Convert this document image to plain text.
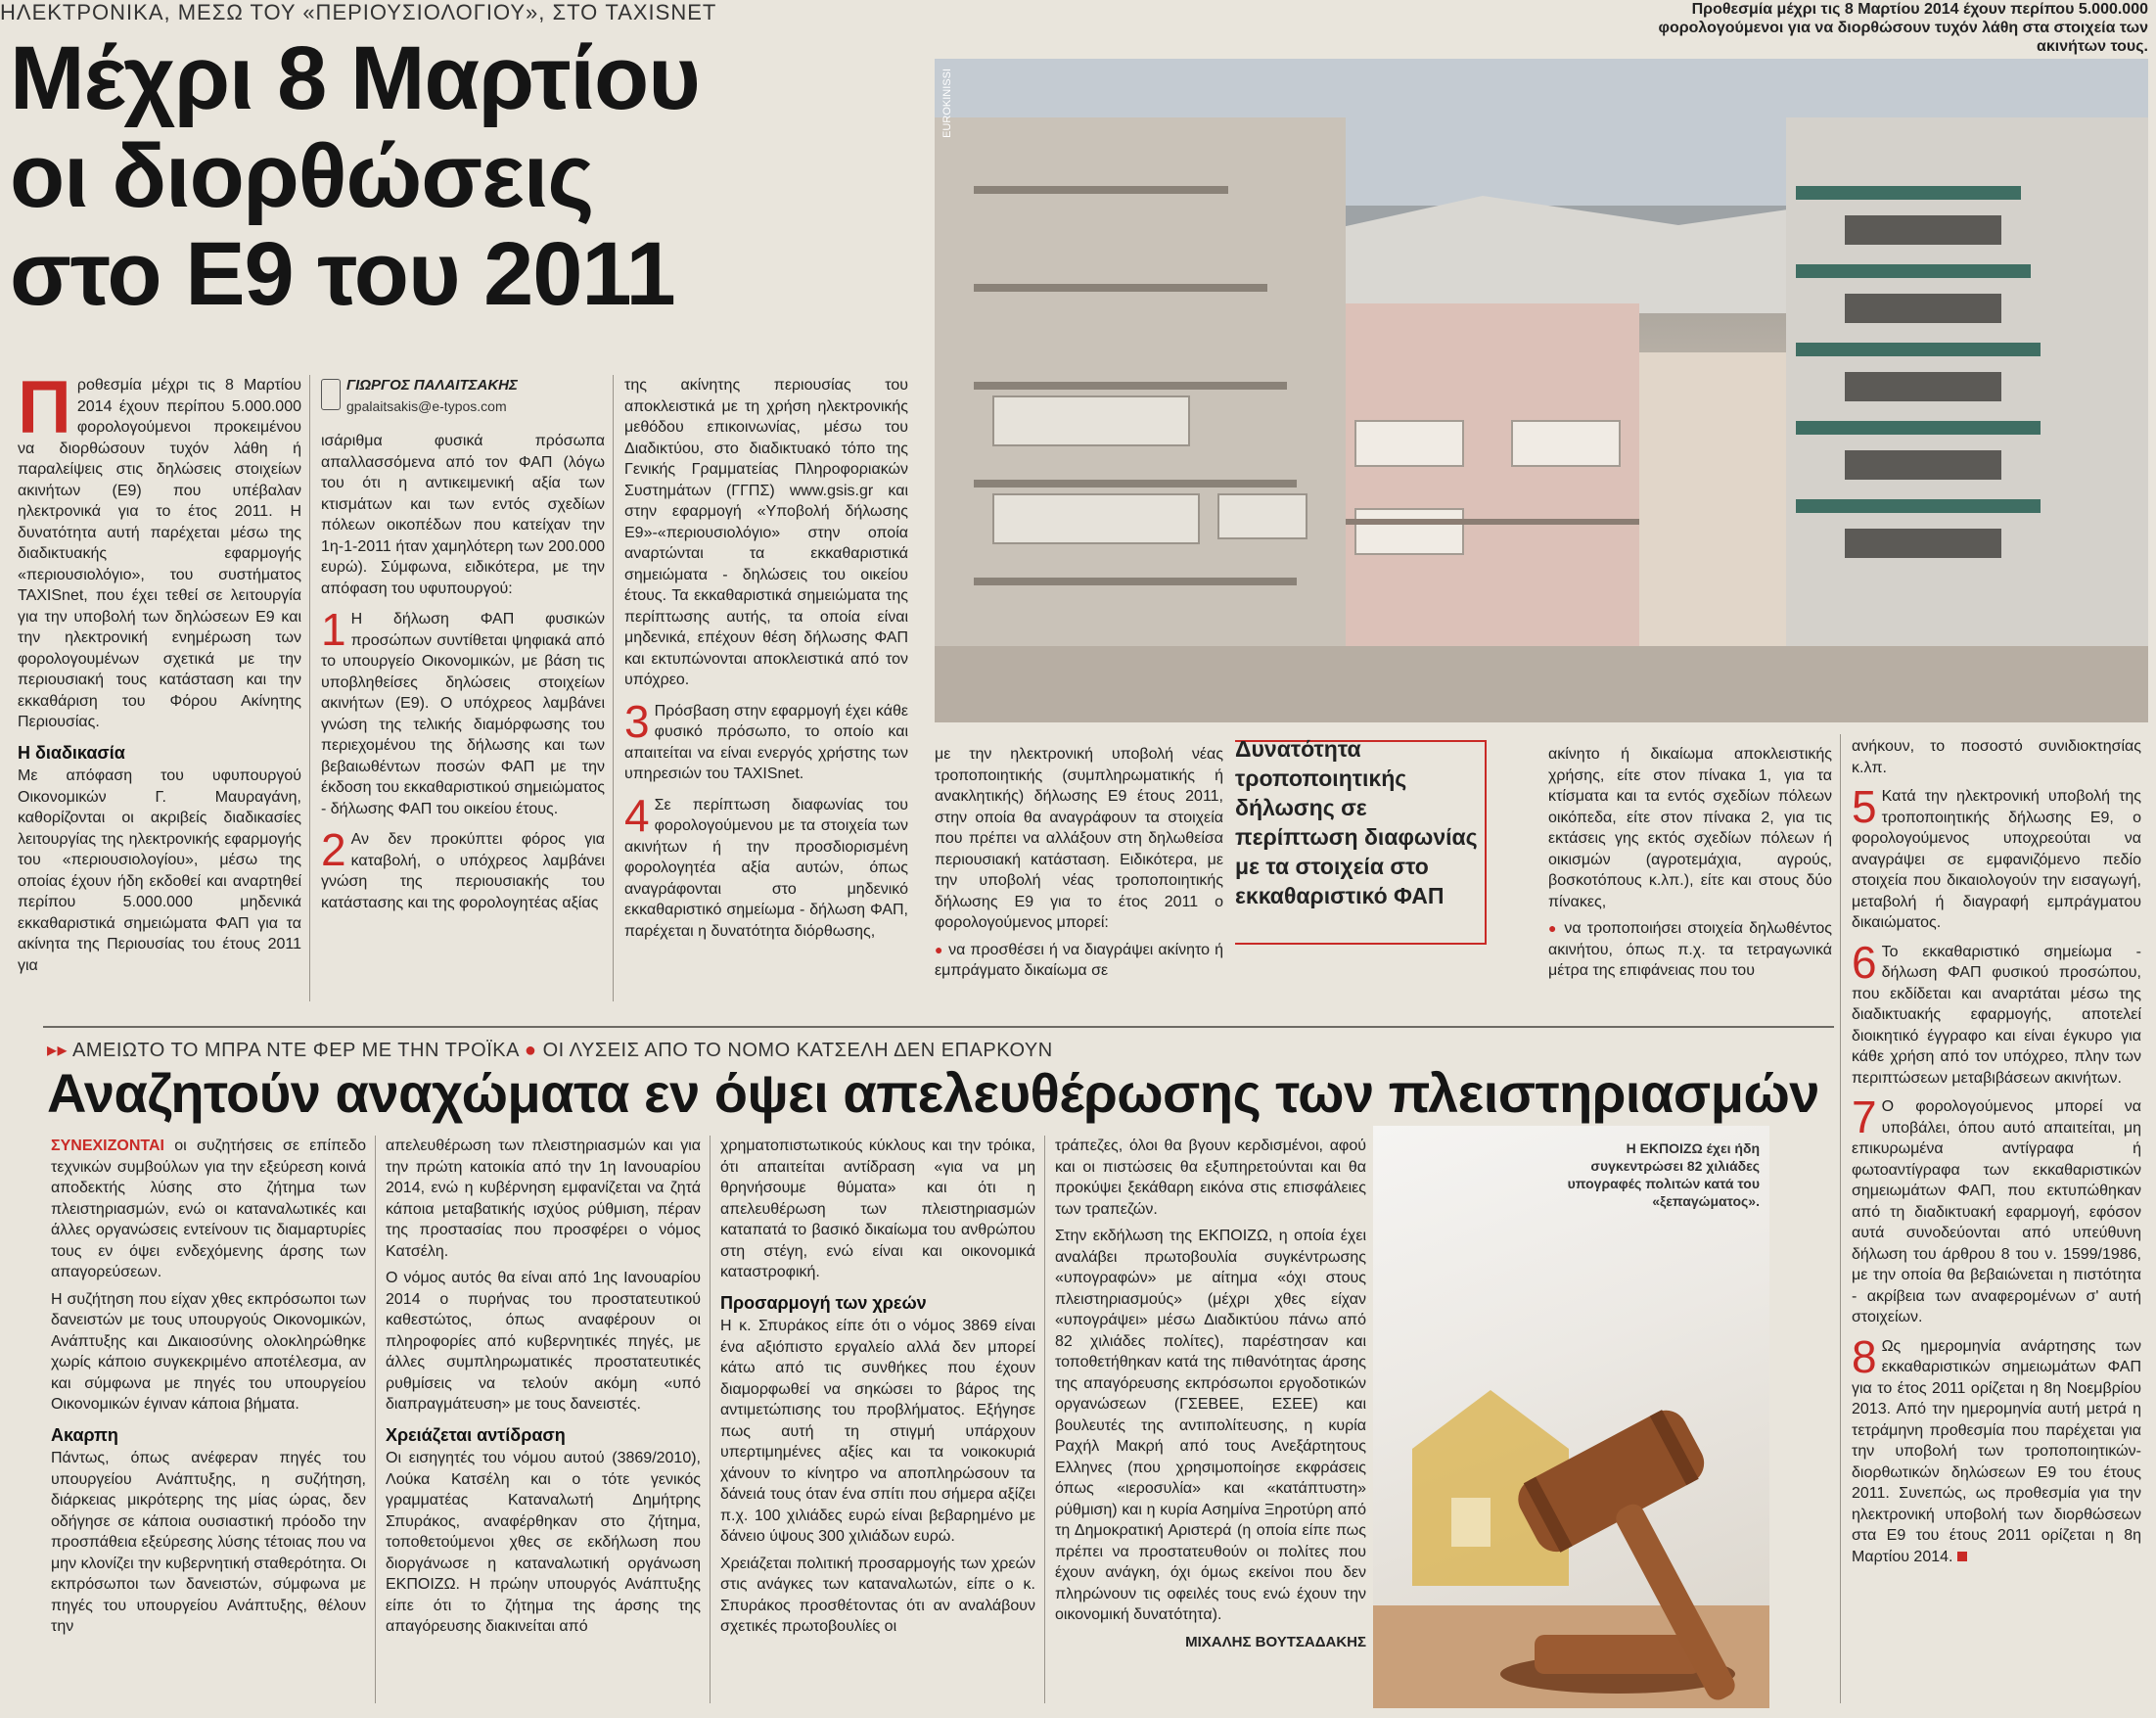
ΗΛΕΚΤΡΟΝΙΚΑ, ΜΕΣΩ ΤΟΥ «ΠΕΡΙΟΥΣΙΟΛΟΓΙΟΥ», ΣΤΟ TAXISNET
Μέχρι 8 Μαρτίου
οι διορθώσεις
στο Ε9 του 2011
EUROKINISSI
Προθεσμία μέχρι τις 8 Μαρτίου 2014 έχουν περίπου 5.000.000 φορολογούμενοι για να διορθώσουν τυχόν λάθη στα στοιχεία των ακινήτων τους.

Προθεσμία μέχρι τις 8 Μαρτίου 2014 έχουν περίπου 5.000.000 φορολογούμενοι προκειμένου να διορθώσουν τυχόν λάθη ή παραλείψεις στις δηλώσεις στοιχείων ακινήτων (Ε9) που υπέβαλαν ηλεκτρονικά για το έτος 2011. Η δυνατότητα αυτή παρέχεται μέσω της διαδικτυακής εφαρμογής «περιουσιολόγιο», του συστήματος TAXISnet, που έχει τεθεί σε λειτουργία για την υποβολή των δηλώσεων Ε9 και την ηλεκτρονική ενημέρωση των φορολογουμένων σχετικά με την περιουσιακή τους κατάσταση και την εκκαθάριση του Φόρου Ακίνητης Περιουσίας.

Η διαδικασία

Με απόφαση του υφυπουργού Οικονομικών Γ. Μαυραγάνη, καθορίζονται οι ακριβείς διαδικασίες λειτουργίας της ηλεκτρονικής εφαρμογής του «περιουσιολογίου», μέσω της οποίας έχουν ήδη εκδοθεί και αναρτηθεί περίπου 5.000.000 μηδενικά εκκαθαριστικά σημειώματα ΦΑΠ για τα ακίνητα της Περιουσίας του έτους 2011 για

ΓΙΩΡΓΟΣ ΠΑΛΑΙΤΣΑΚΗΣ
gpalaitsakis@e-typos.com

ισάριθμα φυσικά πρόσωπα απαλλασσόμενα από τον ΦΑΠ (λόγω του ότι η αντικειμενική αξία των κτισμάτων και των εντός σχεδίων πόλεων οικοπέδων που κατείχαν την 1η-1-2011 ήταν χαμηλότερη των 200.000 ευρώ). Σύμφωνα, ειδικότερα, με την απόφαση του υφυπουργού:

1 Η δήλωση ΦΑΠ φυσικών προσώπων συντίθεται ψηφιακά από το υπουργείο Οικονομικών, με βάση τις υποβληθείσες δηλώσεις στοιχείων ακινήτων (Ε9). Ο υπόχρεος λαμβάνει γνώση της τελικής διαμόρφωσης του περιεχομένου της δήλωσης και των βεβαιωθέντων ποσών ΦΑΠ με την έκδοση του εκκαθαριστικού σημειώματος - δήλωσης ΦΑΠ του οικείου έτους.

2 Αν δεν προκύπτει φόρος για καταβολή, ο υπόχρεος λαμβάνει γνώση της περιουσιακής του κατάστασης και της φορολογητέας αξίας

της ακίνητης περιουσίας του αποκλειστικά με τη χρήση ηλεκτρονικής μεθόδου επικοινωνίας, μέσω του Διαδικτύου, στο διαδικτυακό τόπο της Γενικής Γραμματείας Πληροφοριακών Συστημάτων (ΓΓΠΣ) www.gsis.gr και στην εφαρμογή «Υποβολή δήλωσης Ε9»-«περιουσιολόγιο» στην οποία αναρτώνται τα εκκαθαριστικά σημειώματα - δηλώσεις του οικείου έτους. Τα εκκαθαριστικά σημειώματα της περίπτωσης αυτής, τα οποία είναι μηδενικά, επέχουν θέση δήλωσης ΦΑΠ και εκτυπώνονται αποκλειστικά από τον υπόχρεο.

3 Πρόσβαση στην εφαρμογή έχει κάθε φυσικό πρόσωπο, το οποίο και απαιτείται να είναι ενεργός χρήστης των υπηρεσιών του TAXISnet.

4 Σε περίπτωση διαφωνίας του φορολογούμενου με τα στοιχεία των ακινήτων ή την προσδιορισμένη φορολογητέα αξία αυτών, όπως αναγράφονται στο μηδενικό εκκαθαριστικό σημείωμα - δήλωση ΦΑΠ, παρέχεται η δυνατότητα διόρθωσης,

με την ηλεκτρονική υποβολή νέας τροποποιητικής (συμπληρωματικής ή ανακλητικής) δήλωσης Ε9 έτους 2011, στην οποία θα αναγράφουν τα στοιχεία που πρέπει να αλλάξουν στη δηλωθείσα περιουσιακή κατάσταση. Ειδικότερα, με την υποβολή νέας τροποποιητικής δήλωσης Ε9 για το έτος 2011 ο φορολογούμενος μπορεί:

● να προσθέσει ή να διαγράψει ακίνητο ή εμπράγματο δικαίωμα σε

Δυνατότητα τροποποιητικής δήλωσης σε περίπτωση διαφωνίας με τα στοιχεία στο εκκαθαριστικό ΦΑΠ

ακίνητο ή δικαίωμα αποκλειστικής χρήσης, είτε στον πίνακα 1, για τα κτίσματα και τα εντός σχεδίων πόλεων οικόπεδα, είτε στον πίνακα 2, για τις εκτάσεις γης εκτός σχεδίων πόλεων ή οικισμών (αγροτεμάχια, αγρούς, βοσκοτόπους κ.λπ.), είτε και στους δύο πίνακες,

● να τροποποιήσει στοιχεία δηλωθέντος ακινήτου, όπως π.χ. τα τετραγωνικά μέτρα της επιφάνειας που του

ανήκουν, το ποσοστό συνιδιοκτησίας κ.λπ.

5 Κατά την ηλεκτρονική υποβολή της τροποποιητικής δήλωσης Ε9, ο φορολογούμενος υποχρεούται να αναγράψει σε εμφανιζόμενο πεδίο στοιχεία που δικαιολογούν την εισαγωγή, μεταβολή ή διαγραφή εμπράγματου δικαιώματος.

6 Το εκκαθαριστικό σημείωμα - δήλωση ΦΑΠ φυσικού προσώπου, που εκδίδεται και αναρτάται μέσω της διαδικτυακής εφαρμογής, αποτελεί διοικητικό έγγραφο και είναι έγκυρο για κάθε χρήση από τον υπόχρεο, πλην των περιπτώσεων μεταβιβάσεων ακινήτων.

7 Ο φορολογούμενος μπορεί να υποβάλει, όπου αυτό απαιτείται, μη επικυρωμένα αντίγραφα ή φωτοαντίγραφα των εκκαθαριστικών σημειωμάτων ΦΑΠ, που εκτυπώθηκαν από τη διαδικτυακή εφαρμογή, εφόσον αυτά συνοδεύονται από υπεύθυνη δήλωση του άρθρου 8 του ν. 1599/1986, με την οποία θα βεβαιώνεται η πιστότητα - ακρίβεια των αναφερομένων σ' αυτή στοιχείων.

8 Ως ημερομηνία ανάρτησης των εκκαθαριστικών σημειωμάτων ΦΑΠ για το έτος 2011 ορίζεται η 8η Νοεμβρίου 2013. Από την ημερομηνία αυτή μετρά η τετράμηνη προθεσμία που παρέχεται για την υποβολή των τροποποιητικών-διορθωτικών δηλώσεων Ε9 του έτους 2011. Συνεπώς, ως προθεσμία για την ηλεκτρονική υποβολή των διορθώσεων στα Ε9 του έτους 2011 ορίζεται η 8η Μαρτίου 2014.

▸▸ ΑΜΕΙΩΤΟ ΤΟ ΜΠΡΑ ΝΤΕ ΦΕΡ ΜΕ ΤΗΝ ΤΡΟΪΚΑ ● ΟΙ ΛΥΣΕΙΣ ΑΠΟ ΤΟ ΝΟΜΟ ΚΑΤΣΕΛΗ ΔΕΝ ΕΠΑΡΚΟΥΝ
Αναζητούν αναχώματα εν όψει απελευθέρωσης των πλειστηριασμών

ΣΥΝΕΧΙΖΟΝΤΑΙ οι συζητήσεις σε επίπεδο τεχνικών συμβούλων για την εξεύρεση κοινά αποδεκτής λύσης στο ζήτημα των πλειστηριασμών, ενώ οι καταναλωτικές και άλλες οργανώσεις εντείνουν τις διαμαρτυρίες τους εν όψει ενδεχόμενης άρσης των απαγορεύσεων.

Η συζήτηση που είχαν χθες εκπρόσωποι των δανειστών με τους υπουργούς Οικονομικών, Ανάπτυξης και Δικαιοσύνης ολοκληρώθηκε χωρίς κάποιο συγκεκριμένο αποτέλεσμα, αν και σύμφωνα με πηγές του υπουργείου Οικονομικών έγιναν κάποια βήματα.

Ακαρπη

Πάντως, όπως ανέφεραν πηγές του υπουργείου Ανάπτυξης, η συζήτηση, διάρκειας μικρότερης της μίας ώρας, δεν οδήγησε σε κάποια ουσιαστική πρόοδο την προσπάθεια εξεύρεσης λύσης τέτοιας που να μην κλονίζει την κυβερνητική σταθερότητα. Οι εκπρόσωποι των δανειστών, σύμφωνα με πηγές του υπουργείου Ανάπτυξης, θέλουν την

απελευθέρωση των πλειστηριασμών και για την πρώτη κατοικία από την 1η Ιανουαρίου 2014, ενώ η κυβέρνηση εμφανίζεται να ζητά κάποια μεταβατικής ισχύος ρύθμιση, πέραν της προστασίας που προσφέρει ο νόμος Κατσέλη.

Ο νόμος αυτός θα είναι από 1ης Ιανουαρίου 2014 ο πυρήνας του προστατευτικού καθεστώτος, όπως αναφέρουν οι πληροφορίες από κυβερνητικές πηγές, με άλλες συμπληρωματικές προστατευτικές ρυθμίσεις να τελούν ακόμη «υπό διαπραγμάτευση» με τους δανειστές.

Χρειάζεται αντίδραση

Οι εισηγητές του νόμου αυτού (3869/2010), Λούκα Κατσέλη και ο τότε γενικός γραμματέας Καταναλωτή Δημήτρης Σπυράκος, αναφέρθηκαν στο ζήτημα, τοποθετούμενοι χθες σε εκδήλωση που διοργάνωσε η καταναλωτική οργάνωση ΕΚΠΟΙΖΩ. Η πρώην υπουργός Ανάπτυξης είπε ότι το ζήτημα της άρσης της απαγόρευσης διακινείται από

χρηματοπιστωτικούς κύκλους και την τρόικα, ότι απαιτείται αντίδραση «για να μη θρηνήσουμε θύματα» και ότι η απελευθέρωση των πλειστηριασμών καταπατά το βασικό δικαίωμα του ανθρώπου στη στέγη, ενώ είναι και οικονομικά καταστροφική.

Προσαρμογή των χρεών

Η κ. Σπυράκος είπε ότι ο νόμος 3869 είναι ένα αξιόπιστο εργαλείο αλλά δεν μπορεί κάτω από τις συνθήκες που έχουν διαμορφωθεί να σηκώσει το βάρος της αντιμετώπισης του προβλήματος. Εξήγησε πως αυτή τη στιγμή υπάρχουν υπερτιμημένες αξίες και τα νοικοκυριά χάνουν το κίνητρο να αποπληρώσουν τα δάνειά τους όταν ένα σπίτι που σήμερα αξίζει π.χ. 100 χιλιάδες ευρώ είναι βεβαρημένο με δάνειο ύψους 300 χιλιάδων ευρώ.

Χρειάζεται πολιτική προσαρμογής των χρεών στις ανάγκες των καταναλωτών, είπε ο κ. Σπυράκος προσθέτοντας ότι αν αναλάβουν σχετικές πρωτοβουλίες οι

τράπεζες, όλοι θα βγουν κερδισμένοι, αφού και οι πιστώσεις θα εξυπηρετούνται και θα προκύψει ξεκάθαρη εικόνα στις επισφάλειες των τραπεζών.

Στην εκδήλωση της ΕΚΠΟΙΖΩ, η οποία έχει αναλάβει πρωτοβουλία συγκέντρωσης «υπογραφών» με αίτημα «όχι στους πλειστηριασμούς» (μέχρι χθες είχαν «υπογράψει» μέσω Διαδικτύου πάνω από 82 χιλιάδες πολίτες), παρέστησαν και τοποθετήθηκαν κατά της πιθανότητας άρσης της απαγόρευσης εκπρόσωποι εργοδοτικών οργανώσεων (ΓΣΕΒΕΕ, ΕΣΕΕ) και βουλευτές της αντιπολίτευσης, η κυρία Ραχήλ Μακρή από τους Ανεξάρτητους Ελληνες (που χρησιμοποίησε εκφράσεις όπως «ιεροσυλία» και «κατάπτυστη» ρύθμιση) και η κυρία Ασημίνα Ξηροτύρη από τη Δημοκρατική Αριστερά (η οποία είπε πως πρέπει να προστατευθούν οι πολίτες που έχουν ανάγκη, όχι όμως εκείνοι που δεν πληρώνουν τις οφειλές τους ενώ έχουν την οικονομική δυνατότητα).

ΜΙΧΑΛΗΣ ΒΟΥΤΣΑΔΑΚΗΣ
Η ΕΚΠΟΙΖΩ έχει ήδη συγκεντρώσει 82 χιλιάδες υπογραφές πολιτών κατά του «ξεπαγώματος».
